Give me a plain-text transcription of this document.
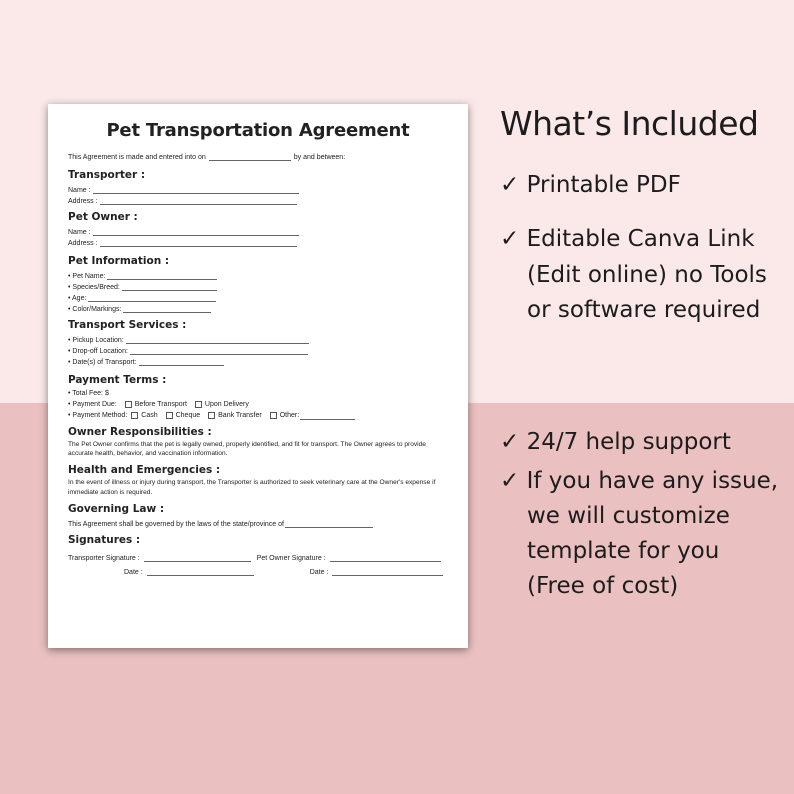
Pet Transportation Agreement
This Agreement is made and entered into on	by and between:
Transporter :
Name :
Address :
Pet Owner :
Name :
Address :
Pet Information :
• Pet Name:
• Species/Breed:
• Age:
• Color/Markings:
Transport Services :
• Pickup Location:
• Drop-off Location:
• Date(s) of Transport:
Payment Terms :
• Total Fee: $
• Payment Due:	Before Transport	Upon Delivery
• Payment Method: Cash	Cheque	Bank Transfer	Other:
Owner Responsibilities :
The Pet Owner confirms that the pet is legally owned, properly identified, and fit for transport. The Owner agrees to provide accurate health, behavior, and vaccination information.
Health and Emergencies :
In the event of illness or injury during transport, the Transporter is authorized to seek veterinary care at the Owner's expense if immediate action is required.
Governing Law :
This Agreement shall be governed by the laws of the state/province of
Signatures :
Transporter Signature :	Pet Owner Signature :
Date :	Date :
What’s Included
✓ Printable PDF
✓ Editable Canva Link
(Edit online) no Tools
or software required
✓ 24/7 help support
✓ If you have any issue,
we will customize
template for you
(Free of cost)
